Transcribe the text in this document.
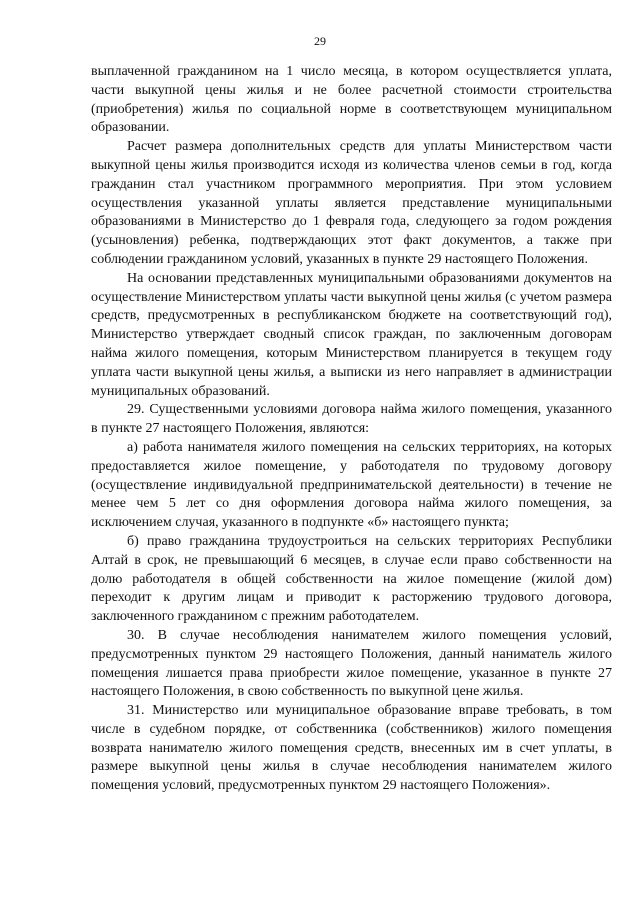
29

выплаченной гражданином на 1 число месяца, в котором осуществляется уплата, части выкупной цены жилья и не более расчетной стоимости строительства (приобретения) жилья по социальной норме в соответствующем муниципальном образовании.

Расчет размера дополнительных средств для уплаты Министерством части выкупной цены жилья производится исходя из количества членов семьи в год, когда гражданин стал участником программного мероприятия. При этом условием осуществления указанной уплаты является представление муниципальными образованиями в Министерство до 1 февраля года, следующего за годом рождения (усыновления) ребенка, подтверждающих этот факт документов, а также при соблюдении гражданином условий, указанных в пункте 29 настоящего Положения.

На основании представленных муниципальными образованиями документов на осуществление Министерством уплаты части выкупной цены жилья (с учетом размера средств, предусмотренных в республиканском бюджете на соответствующий год), Министерство утверждает сводный список граждан, по заключенным договорам найма жилого помещения, которым Министерством планируется в текущем году уплата части выкупной цены жилья, а выписки из него направляет в администрации муниципальных образований.

29. Существенными условиями договора найма жилого помещения, указанного в пункте 27 настоящего Положения, являются:

а) работа нанимателя жилого помещения на сельских территориях, на которых предоставляется жилое помещение, у работодателя по трудовому договору (осуществление индивидуальной предпринимательской деятельности) в течение не менее чем 5 лет со дня оформления договора найма жилого помещения, за исключением случая, указанного в подпункте «б» настоящего пункта;

б) право гражданина трудоустроиться на сельских территориях Республики Алтай в срок, не превышающий 6 месяцев, в случае если право собственности на долю работодателя в общей собственности на жилое помещение (жилой дом) переходит к другим лицам и приводит к расторжению трудового договора, заключенного гражданином с прежним работодателем.

30. В случае несоблюдения нанимателем жилого помещения условий, предусмотренных пунктом 29 настоящего Положения, данный наниматель жилого помещения лишается права приобрести жилое помещение, указанное в пункте 27 настоящего Положения, в свою собственность по выкупной цене жилья.

31. Министерство или муниципальное образование вправе требовать, в том числе в судебном порядке, от собственника (собственников) жилого помещения возврата нанимателю жилого помещения средств, внесенных им в счет уплаты, в размере выкупной цены жилья в случае несоблюдения нанимателем жилого помещения условий, предусмотренных пунктом 29 настоящего Положения».
